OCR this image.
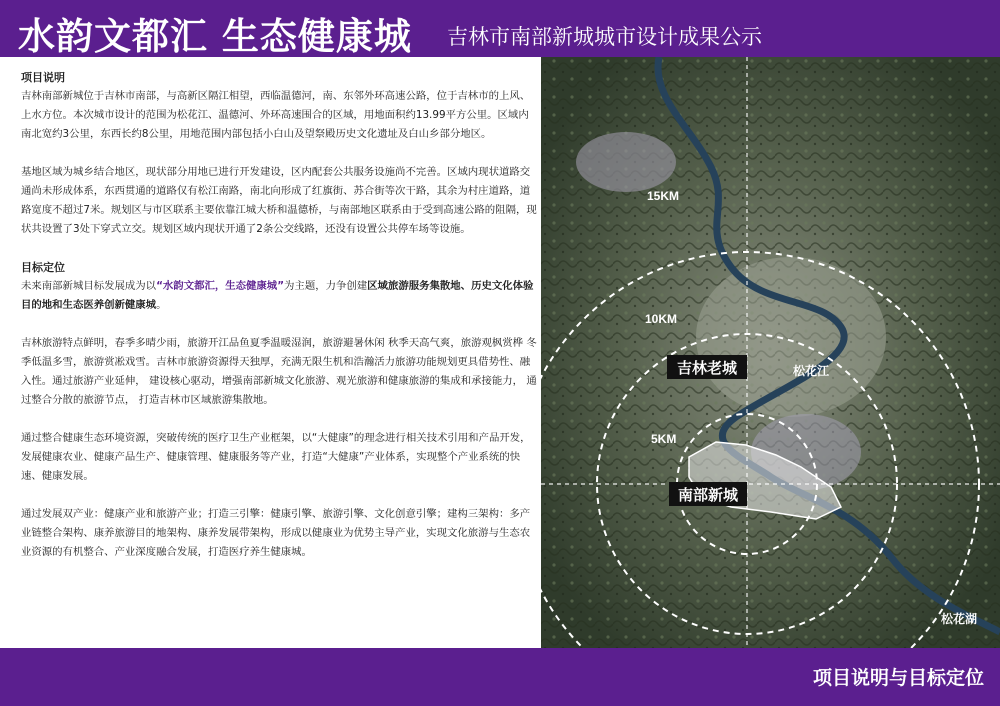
水韵文都汇 生态健康城 吉林市南部新城城市设计成果公示

项目说明

吉林南部新城位于吉林市南部，与高新区隔江相望，西临温德河，南、东邻外环高速公路，位于吉林市的上风、上水方位。本次城市设计的范围为松花江、温德河、外环高速围合的区域，用地面积约13.99平方公里。区域内南北宽约3公里，东西长约8公里，用地范围内部包括小白山及望祭殿历史文化遗址及白山乡部分地区。

基地区域为城乡结合地区，现状部分用地已进行开发建设，区内配套公共服务设施尚不完善。区域内现状道路交通尚未形成体系，东西贯通的道路仅有松江南路，南北向形成了红旗街、苏合街等次干路，其余为村庄道路，道路宽度不超过7米。规划区与市区联系主要依靠江城大桥和温德桥，与南部地区联系由于受到高速公路的阻隔，现状共设置了3处下穿式立交。规划区域内现状开通了2条公交线路，还没有设置公共停车场等设施。

目标定位

未来南部新城目标发展成为以“水韵文都汇，生态健康城”为主题，力争创建区域旅游服务集散地、历史文化体验目的地和生态医养创新健康城。

吉林旅游特点鲜明，春季多晴少雨，旅游开江品鱼夏季温暖湿润，旅游避暑休闲 秋季天高气爽，旅游观枫赏桦 冬季低温多雪，旅游赏凇戏雪。吉林市旅游资源得天独厚，充满无限生机和浩瀚活力旅游功能规划更具借势性、融入性。通过旅游产业延伸， 建设核心驱动，增强南部新城文化旅游、观光旅游和健康旅游的集成和承接能力， 通过整合分散的旅游节点， 打造吉林市区域旅游集散地。

通过整合健康生态环境资源，突破传统的医疗卫生产业框架，以“大健康”的理念进行相关技术引用和产品开发，发展健康农业、健康产品生产、健康管理、健康服务等产业，打造“大健康”产业体系，实现整个产业系统的快速、健康发展。

通过发展双产业：健康产业和旅游产业；打造三引擎：健康引擎、旅游引擎、文化创意引擎；建构三架构：多产业链整合架构、康养旅游目的地架构、康养发展带架构，形成以健康业为优势主导产业，实现文化旅游与生态农业资源的有机整合、产业深度融合发展，打造医疗养生健康城。

15KM
10KM
5KM
吉林老城
南部新城
松花江
松花湖
项目说明与目标定位
